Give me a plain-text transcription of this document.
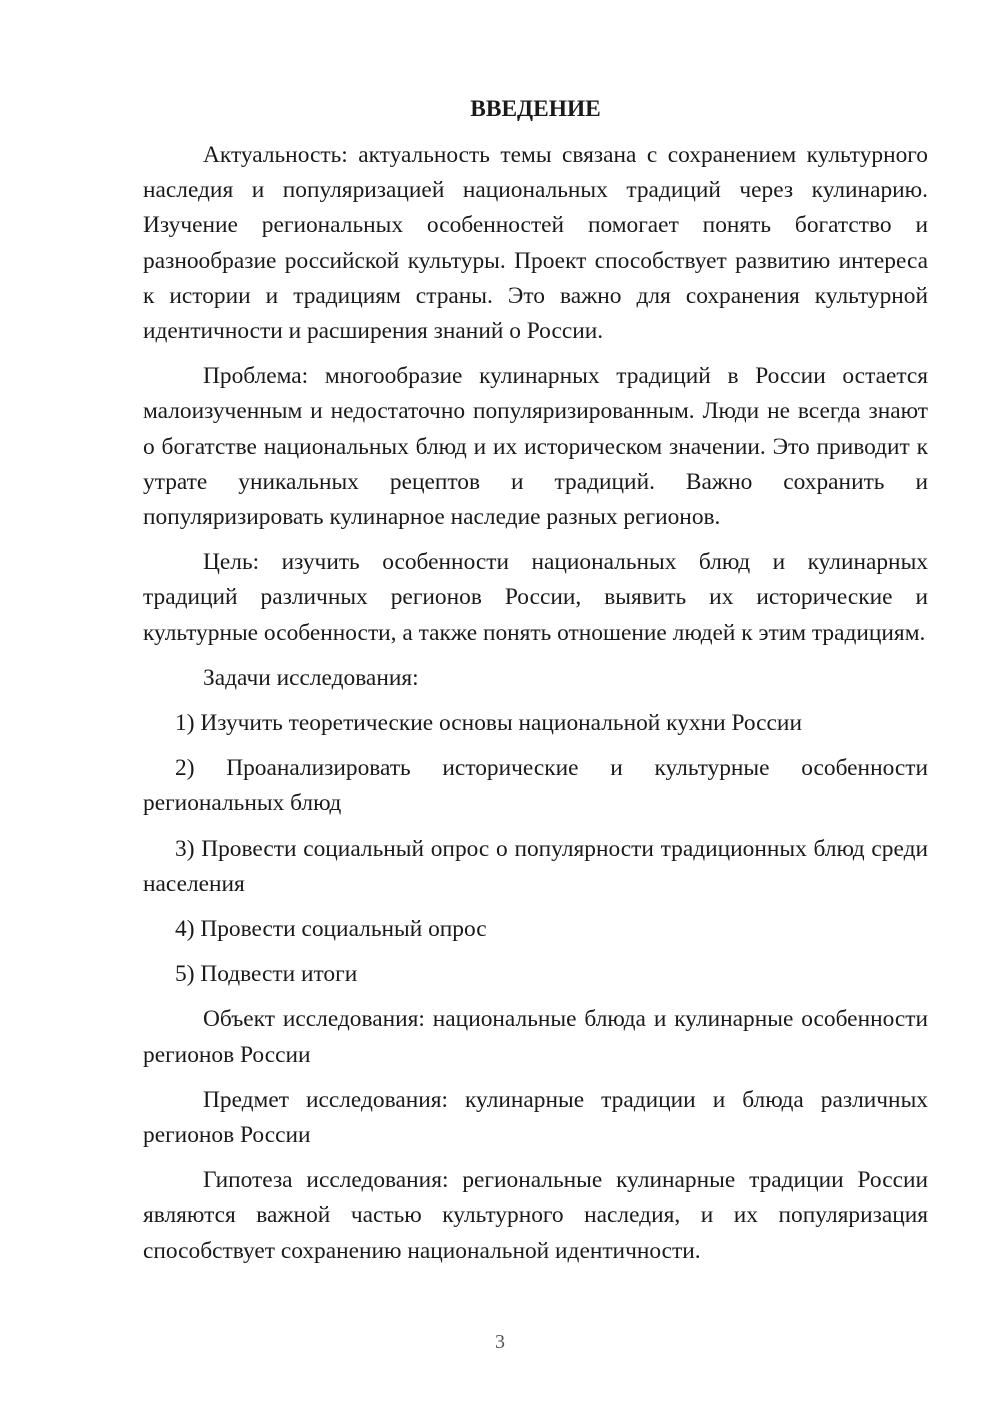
ВВЕДЕНИЕ

Актуальность: актуальность темы связана с сохранением культурного наследия и популяризацией национальных традиций через кулинарию. Изучение региональных особенностей помогает понять богатство и разнообразие российской культуры. Проект способствует развитию интереса к истории и традициям страны. Это важно для сохранения культурной идентичности и расширения знаний о России.

Проблема: многообразие кулинарных традиций в России остается малоизученным и недостаточно популяризированным. Люди не всегда знают о богатстве национальных блюд и их историческом значении. Это приводит к утрате уникальных рецептов и традиций. Важно сохранить и популяризировать кулинарное наследие разных регионов.

Цель: изучить особенности национальных блюд и кулинарных традиций различных регионов России, выявить их исторические и культурные особенности, а также понять отношение людей к этим традициям.

Задачи исследования:

1) Изучить теоретические основы национальной кухни России

2) Проанализировать исторические и культурные особенности региональных блюд

3) Провести социальный опрос о популярности традиционных блюд среди населения

4) Провести социальный опрос

5) Подвести итоги

Объект исследования: национальные блюда и кулинарные особенности регионов России

Предмет исследования: кулинарные традиции и блюда различных регионов России

Гипотеза исследования: региональные кулинарные традиции России являются важной частью культурного наследия, и их популяризация способствует сохранению национальной идентичности.

3
